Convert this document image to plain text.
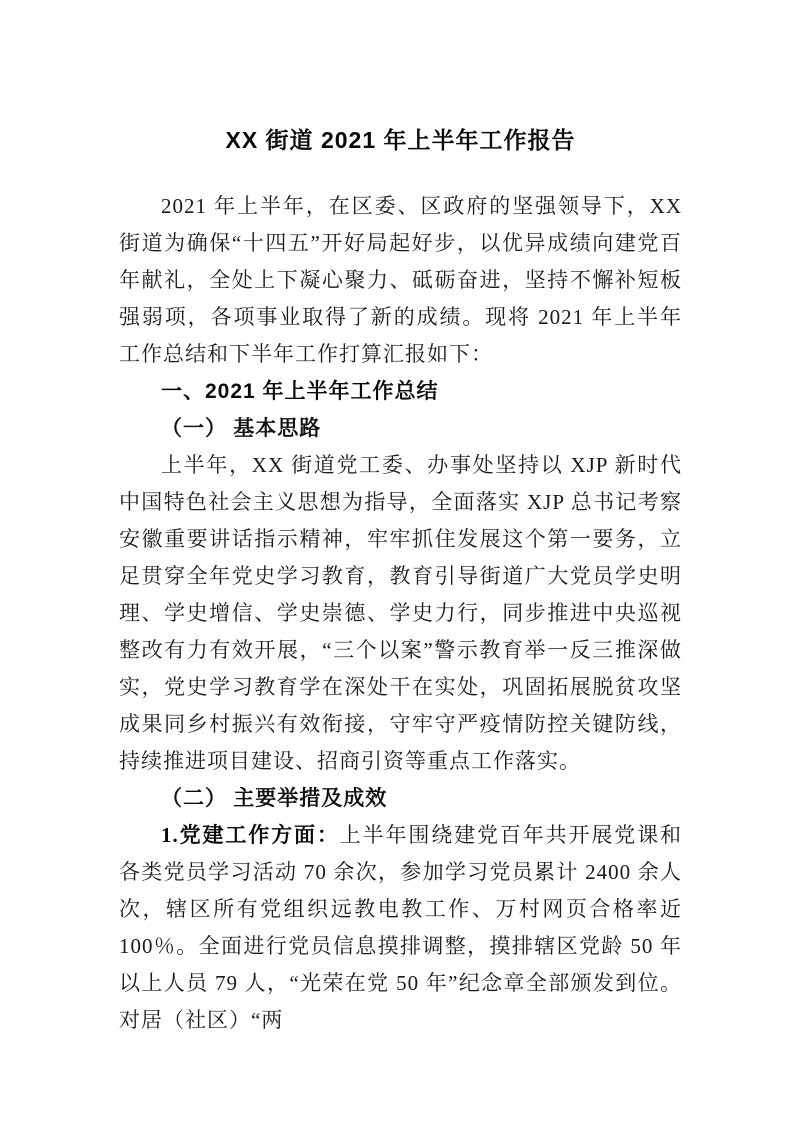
XX 街道 2021 年上半年工作报告

2021 年上半年，在区委、区政府的坚强领导下，XX 街道为确保“十四五”开好局起好步，以优异成绩向建党百年献礼，全处上下凝心聚力、砥砺奋进，坚持不懈补短板强弱项，各项事业取得了新的成绩。现将 2021 年上半年工作总结和下半年工作打算汇报如下：

一、2021 年上半年工作总结
（一） 基本思路

上半年，XX 街道党工委、办事处坚持以 XJP 新时代中国特色社会主义思想为指导，全面落实 XJP 总书记考察安徽重要讲话指示精神，牢牢抓住发展这个第一要务，立足贯穿全年党史学习教育，教育引导街道广大党员学史明理、学史增信、学史崇德、学史力行，同步推进中央巡视整改有力有效开展，“三个以案”警示教育举一反三推深做实，党史学习教育学在深处干在实处，巩固拓展脱贫攻坚成果同乡村振兴有效衔接，守牢守严疫情防控关键防线，持续推进项目建设、招商引资等重点工作落实。

（二） 主要举措及成效

1.党建工作方面：上半年围绕建党百年共开展党课和各类党员学习活动 70 余次，参加学习党员累计 2400 余人次，辖区所有党组织远教电教工作、万村网页合格率近 100％。全面进行党员信息摸排调整，摸排辖区党龄 50 年以上人员 79 人，“光荣在党 50 年”纪念章全部颁发到位。对居（社区）“两
